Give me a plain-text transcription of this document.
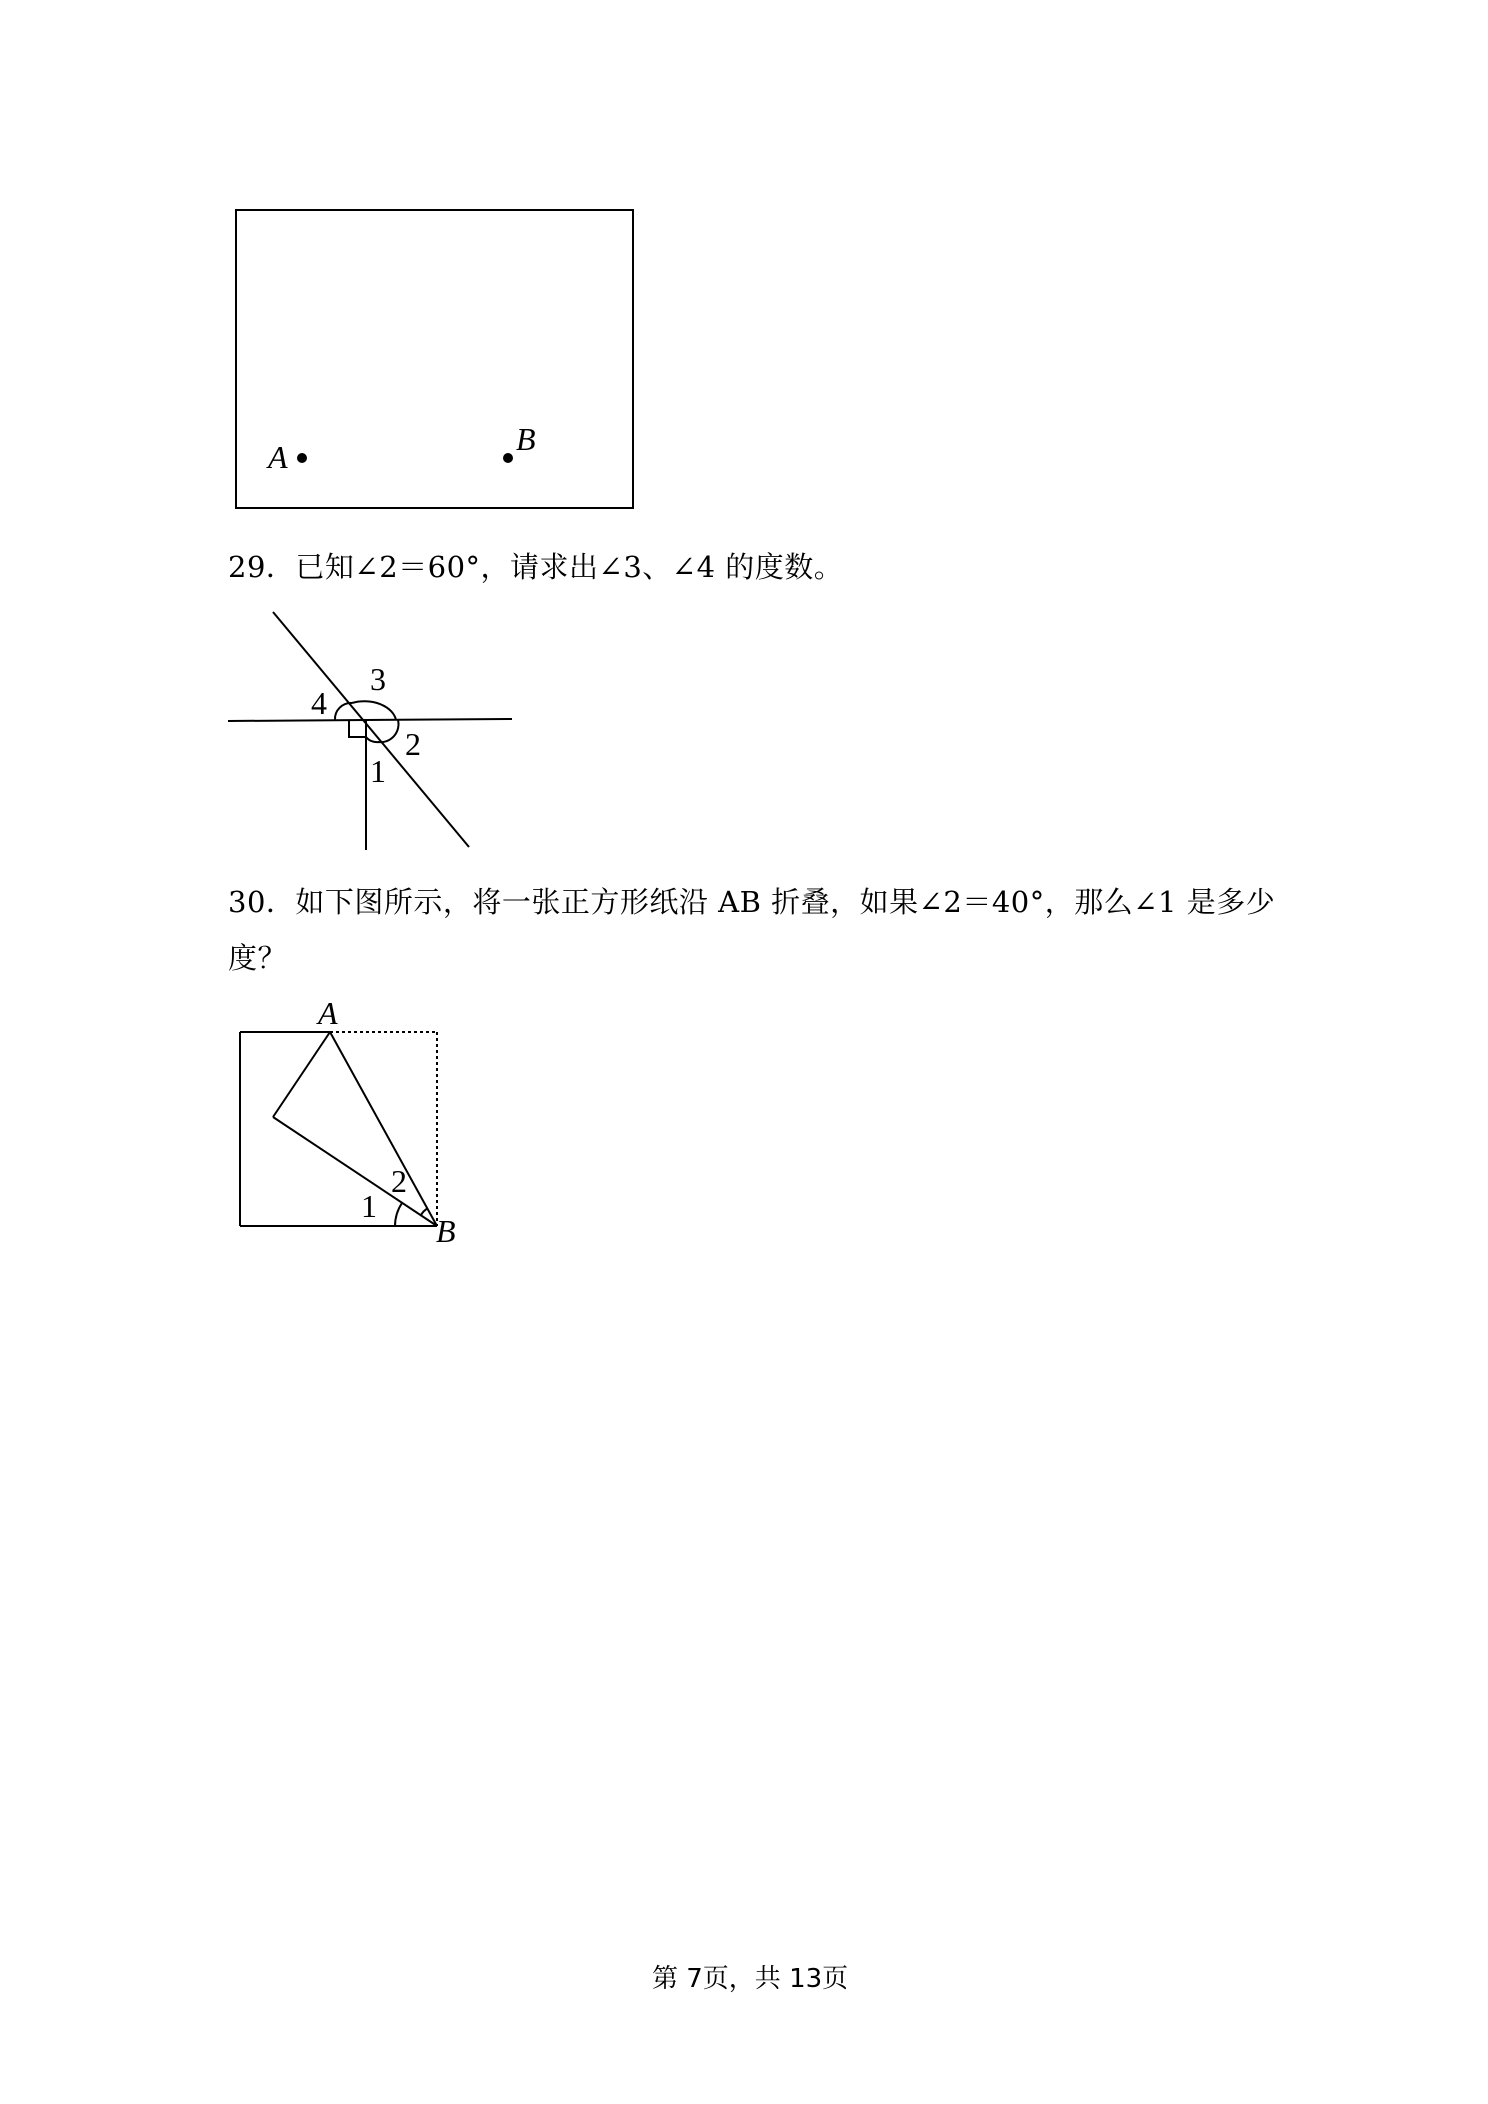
A	B
29．已知∠2＝60°，请求出∠3、∠4 的度数。
1
2
3
4
30．如下图所示，将一张正方形纸沿 AB 折叠，如果∠2＝40°，那么∠1 是多少
度？
A
B
1
2
第 7页，共 13页
